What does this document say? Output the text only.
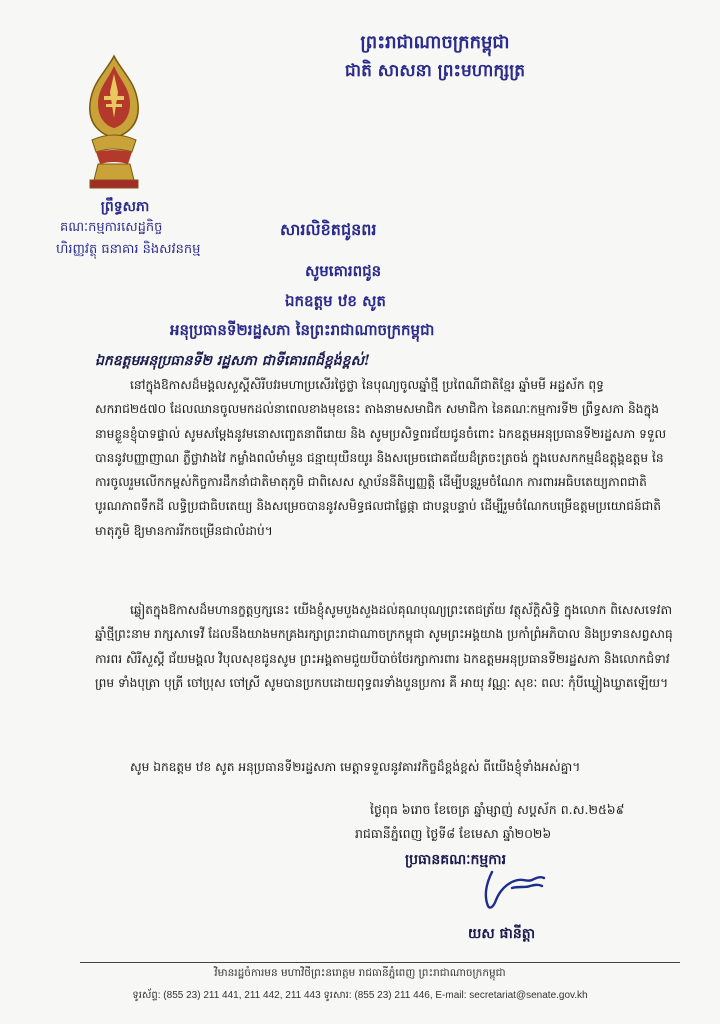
ព្រះរាជាណាចក្រកម្ពុជា
ជាតិ សាសនា ព្រះមហាក្សត្រ
ព្រឹទ្ធសភា
គណៈកម្មការសេដ្ឋកិច្ច
ហិរញ្ញវត្ថុ ធនាគារ និងសវនកម្ម
សារលិខិតជូនពរ
សូមគោរពជូន
ឯកឧត្តម ឋខ សូត
អនុប្រធានទី២រដ្ឋសភា នៃព្រះរាជាណាចក្រកម្ពុជា
ឯកឧត្តមអនុប្រធានទី២ រដ្ឋសភា ជាទីគោរពដ៏ខ្ពង់ខ្ពស់!
នៅក្នុងឱកាសដ៏មង្គលសួស្តីសិរីបវរមហាប្រសើរថ្ងៃថ្លា នៃបុណ្យចូលឆ្នាំថ្មី ប្រពៃណីជាតិខ្មែរ ឆ្នាំមមី អដ្ឋស័ក ពុទ្ធសករាជ២៥៧០ ដែលឈានចូលមកដល់នាពេលខាងមុខនេះ តាងនាមសមាជិក សមាជិកា នៃគណៈកម្មការទី២ ព្រឹទ្ធសភា និងក្នុងនាមខ្លួនខ្ញុំបាទផ្ទាល់ សូមសម្ដែងនូវមនោសញ្ចេតនាពីរោយ និង សូមប្រសិទ្ធពរជ័យជូនចំពោះ ឯកឧត្តមអនុប្រធានទី២រដ្ឋសភា ទទួលបាននូវបញ្ញាញាណ ភ្លឺថ្លាវាងវៃ កម្លាំងពលំមាំមួន ជន្មាយុយឺនយូរ និងសម្រេចជោគជ័យដ៏ត្រចះត្រចង់ ក្នុងបេសកកម្មដ៏ឧត្តុង្គឧត្តម នៃការចូលរួមលើកកម្ពស់កិច្ចការដឹកនាំជាតិមាតុភូមិ ជាពិសេស ស្ថាប័ននីតិប្បញ្ញត្តិ ដើម្បីបន្តរួមចំណែក ការពារអធិបតេយ្យភាពជាតិ បូរណភាពទឹកដី លទ្ធិប្រជាធិបតេយ្យ និងសម្រេចបាននូវសមិទ្ធផលជាផ្លែផ្កា ជាបន្តបន្ទាប់ ដើម្បីរួមចំណែកបម្រើឧត្តមប្រយោជន៍ជាតិ មាតុភូមិ ឱ្យមានការរីកចម្រើនជាលំដាប់។
ឆ្លៀតក្នុងឱកាសដ៏មហានក្ខត្តឫក្សនេះ យើងខ្ញុំសូមបួងសួងដល់គុណបុណ្យព្រះតេជត្រ័យ វត្ថុស័ក្តិសិទ្ធិ ក្នុងលោក ពិសេសទេវតាឆ្នាំថ្មីព្រះនាម រាក្សសាទេវី ដែលនឹងយាងមកគ្រងរក្សាព្រះរាជាណាចក្រកម្ពុជា សូមព្រះអង្គយាង ប្រកាំព្រំអភិបាល និងប្រទានសព្វសាធុការពរ សិរីសួស្តី ជ័យមង្គល វិបុលសុខជូនសូម ព្រះអង្គតាមជួយបីបាច់ថែរក្សាការពារ ឯកឧត្តមអនុប្រធានទី២រដ្ឋសភា និងលោកជំទាវ ព្រម ទាំងបុត្រា បុត្រី ចៅប្រុស ចៅស្រី សូមបានប្រកបដោយពុទ្ធពរទាំងបួនប្រការ គឺ អាយុ វណ្ណៈ សុខៈ ពលៈ កុំបីឃ្លៀងឃ្លាតឡើយ។
សូម ឯកឧត្តម ឋខ សូត អនុប្រធានទី២រដ្ឋសភា មេត្តាទទួលនូវគារវកិច្ចដ៏ខ្ពង់ខ្ពស់ ពីយើងខ្ញុំទាំងអស់គ្នា។
ថ្ងៃពុធ ៦រោច ខែចេត្រ ឆ្នាំម្សាញ់ សប្តស័ក ព.ស.២៥៦៩
រាជធានីភ្នំពេញ ថ្ងៃទី៨ ខែមេសា ឆ្នាំ២០២៦
ប្រធានគណៈកម្មការ
យស ផានីត្តា
វិមានរដ្ឋចំការមន មហាវិថីព្រះនរោត្តម រាជធានីភ្នំពេញ ព្រះរាជាណាចក្រកម្ពុជា
ទូរស័ព្ទ: (855 23) 211 441, 211 442, 211 443 ទូរសារ: (855 23) 211 446, E-mail: secretariat@senate.gov.kh
